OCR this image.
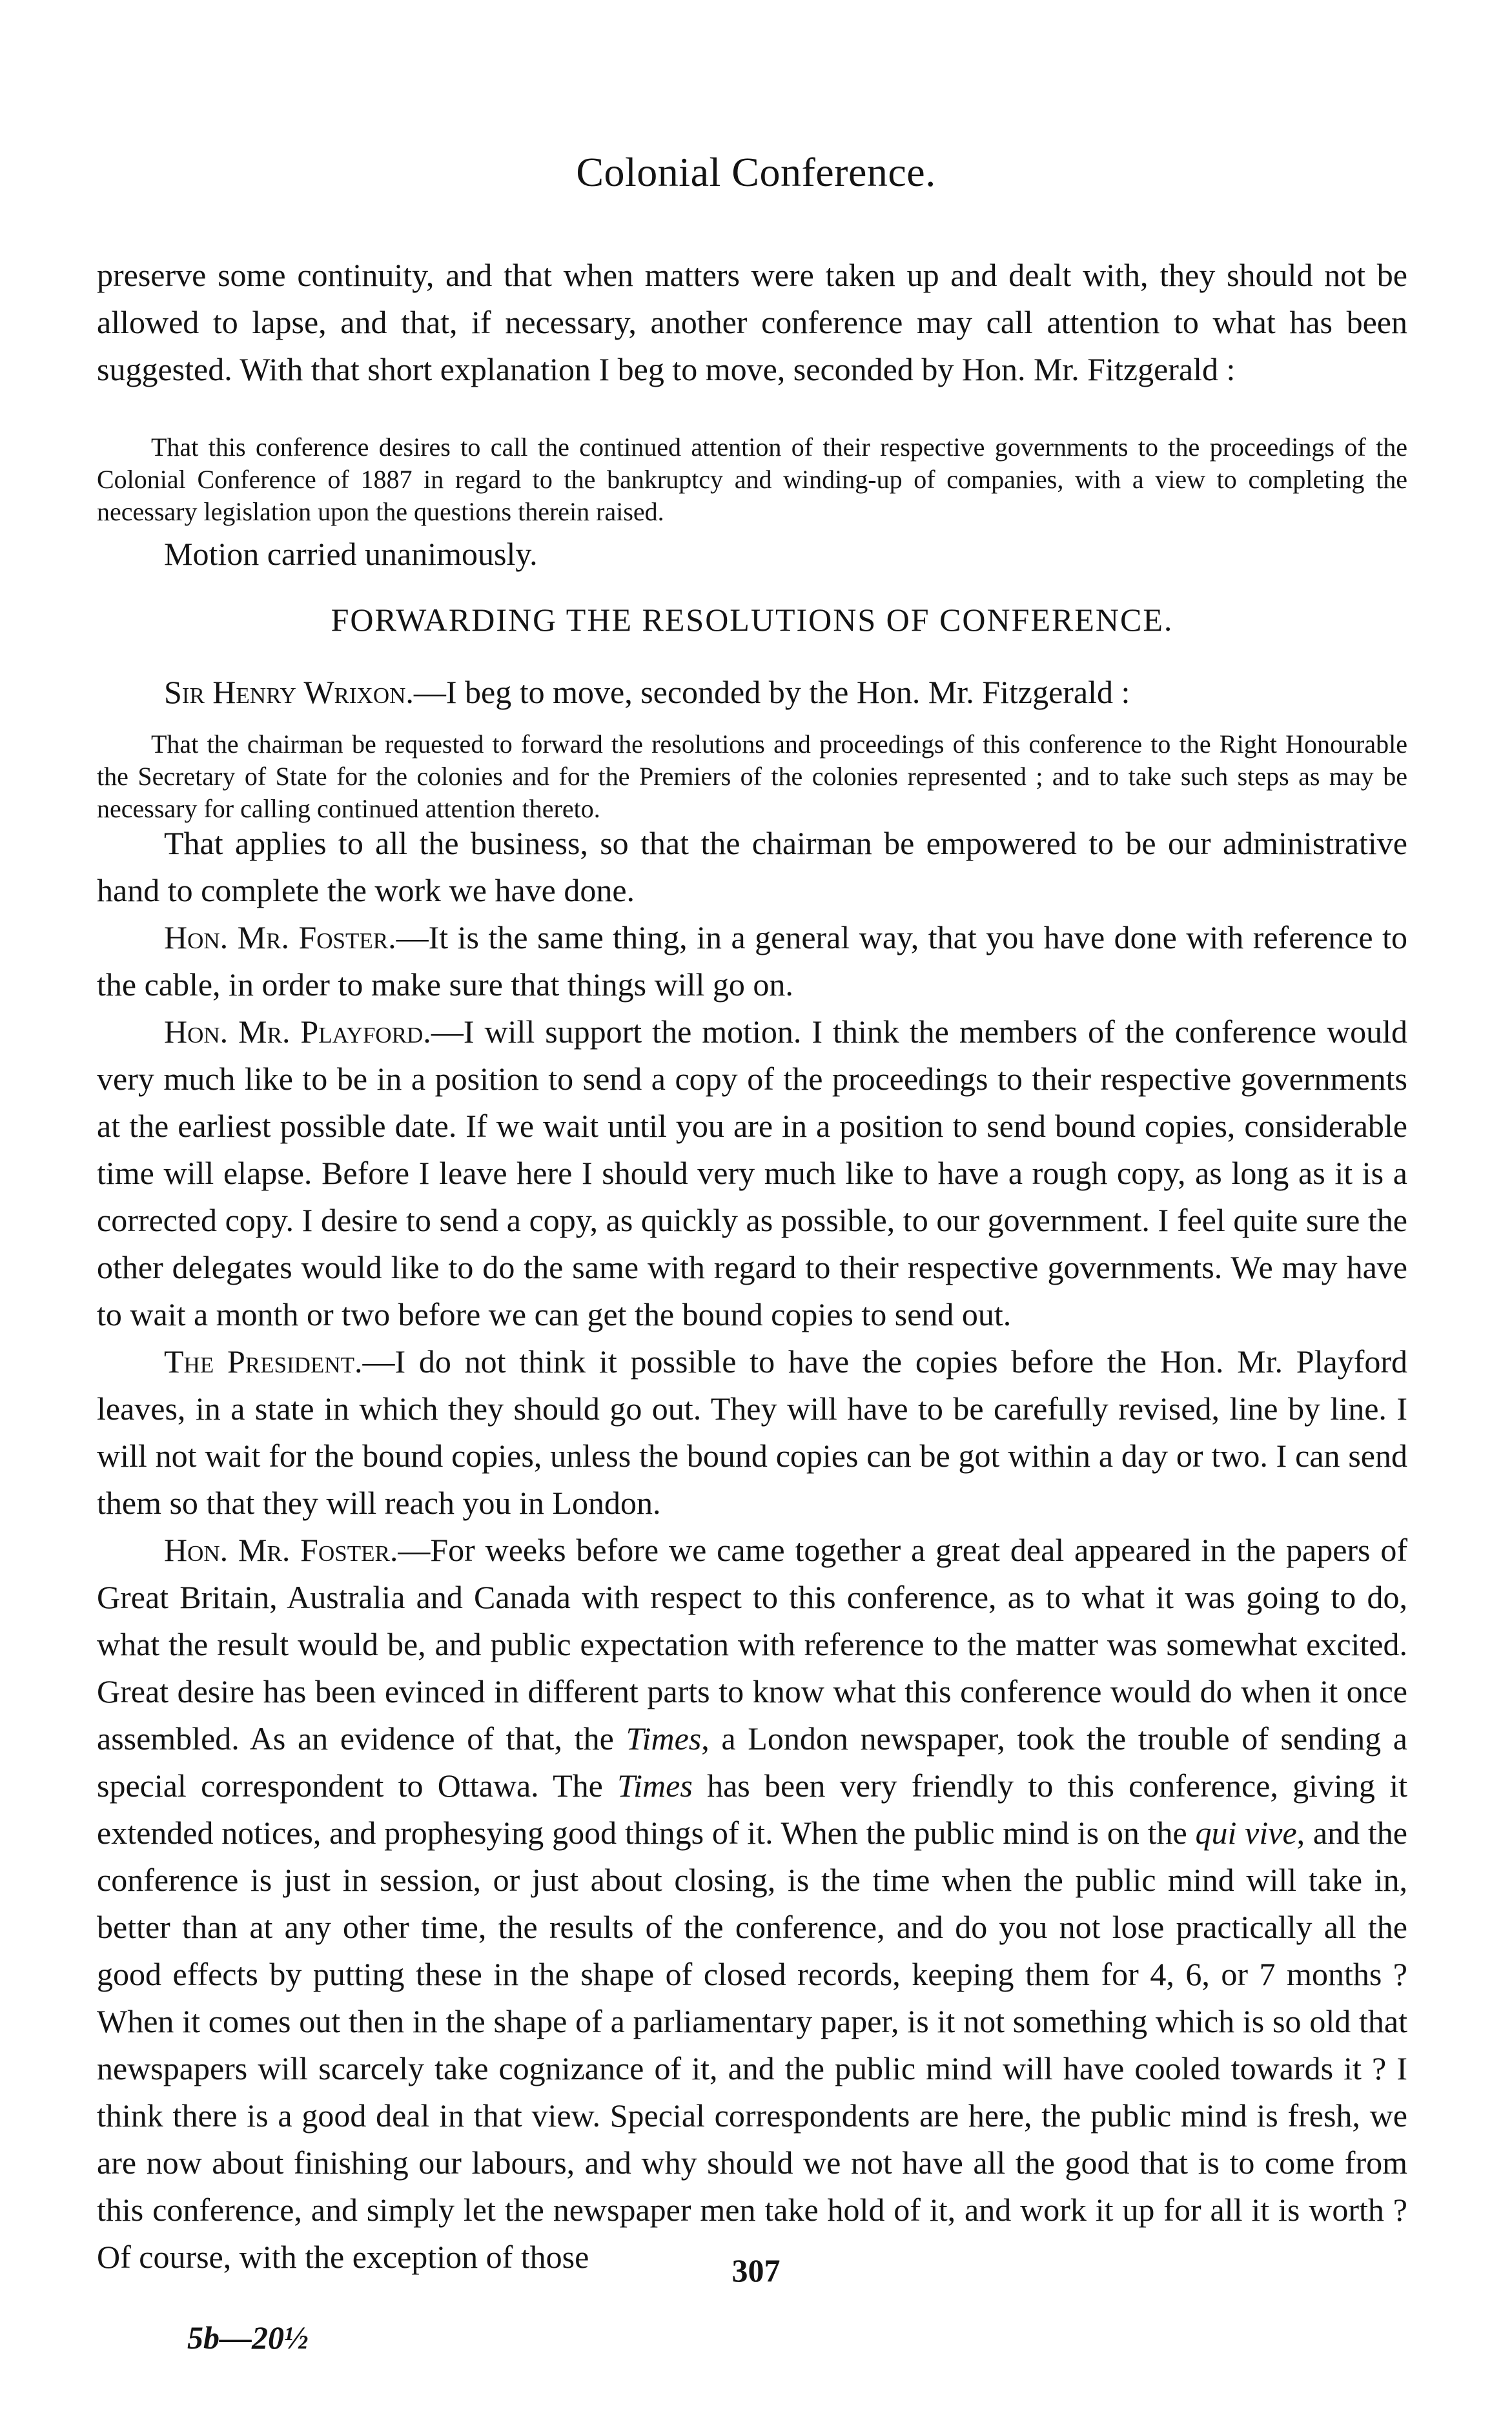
Colonial Conference.

preserve some continuity, and that when matters were taken up and dealt with, they should not be allowed to lapse, and that, if necessary, another conference may call attention to what has been suggested. With that short explanation I beg to move, seconded by Hon. Mr. Fitzgerald :

That this conference desires to call the continued attention of their respective governments to the proceedings of the Colonial Conference of 1887 in regard to the bankruptcy and winding-up of companies, with a view to completing the necessary legislation upon the questions therein raised.

Motion carried unanimously.

FORWARDING THE RESOLUTIONS OF CONFERENCE.

Sir Henry Wrixon.—I beg to move, seconded by the Hon. Mr. Fitzgerald :

That the chairman be requested to forward the resolutions and proceedings of this conference to the Right Honourable the Secretary of State for the colonies and for the Premiers of the colonies represented ; and to take such steps as may be necessary for calling continued attention thereto.

That applies to all the business, so that the chairman be empowered to be our administrative hand to complete the work we have done.

Hon. Mr. Foster.—It is the same thing, in a general way, that you have done with reference to the cable, in order to make sure that things will go on.

Hon. Mr. Playford.—I will support the motion. I think the members of the conference would very much like to be in a position to send a copy of the proceedings to their respective governments at the earliest possible date. If we wait until you are in a position to send bound copies, considerable time will elapse. Before I leave here I should very much like to have a rough copy, as long as it is a corrected copy. I desire to send a copy, as quickly as possible, to our government. I feel quite sure the other delegates would like to do the same with regard to their respective governments. We may have to wait a month or two before we can get the bound copies to send out.

The President.—I do not think it possible to have the copies before the Hon. Mr. Playford leaves, in a state in which they should go out. They will have to be carefully revised, line by line. I will not wait for the bound copies, unless the bound copies can be got within a day or two. I can send them so that they will reach you in London.

Hon. Mr. Foster.—For weeks before we came together a great deal appeared in the papers of Great Britain, Australia and Canada with respect to this conference, as to what it was going to do, what the result would be, and public expectation with reference to the matter was somewhat excited. Great desire has been evinced in different parts to know what this conference would do when it once assembled. As an evidence of that, the Times, a London newspaper, took the trouble of sending a special correspondent to Ottawa. The Times has been very friendly to this conference, giving it extended notices, and prophesying good things of it. When the public mind is on the qui vive, and the conference is just in session, or just about closing, is the time when the public mind will take in, better than at any other time, the results of the conference, and do you not lose practically all the good effects by putting these in the shape of closed records, keeping them for 4, 6, or 7 months ? When it comes out then in the shape of a parliamentary paper, is it not something which is so old that newspapers will scarcely take cognizance of it, and the public mind will have cooled towards it ? I think there is a good deal in that view. Special correspondents are here, the public mind is fresh, we are now about finishing our labours, and why should we not have all the good that is to come from this conference, and simply let the newspaper men take hold of it, and work it up for all it is worth ? Of course, with the exception of those	307
5b—20½
